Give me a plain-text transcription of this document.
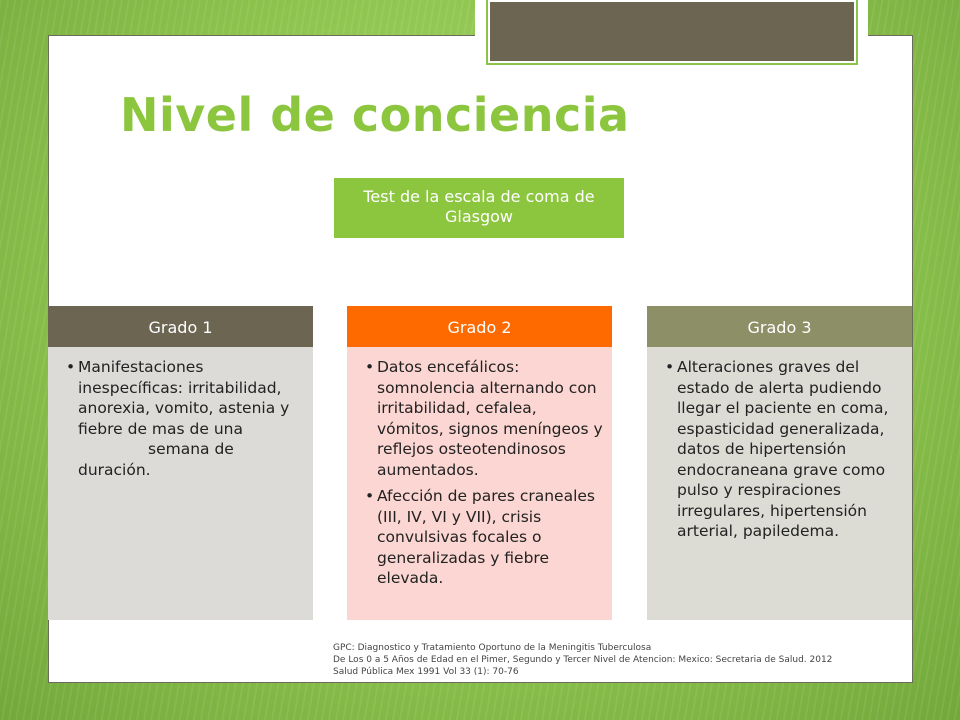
Nivel de conciencia
Test de la escala de coma de Glasgow
Grado 1
• Manifestaciones inespecíficas: irritabilidad, anorexia, vomito, astenia y fiebre de mas de una
semana de
duración.
Grado 2
• Datos encefálicos: somnolencia alternando con irritabilidad, cefalea, vómitos, signos meníngeos y reflejos osteotendinosos aumentados.
• Afección de pares craneales (III, IV, VI y VII), crisis convulsivas focales o generalizadas y fiebre elevada.
Grado 3
• Alteraciones graves del estado de alerta pudiendo llegar el paciente en coma, espasticidad generalizada, datos de hipertensión endocraneana grave como pulso y respiraciones irregulares, hipertensión arterial, papiledema.
GPC: Diagnostico y Tratamiento Oportuno de la Meningitis Tuberculosa
De Los 0 a 5 Años de Edad en el Pimer, Segundo y Tercer Nivel de Atencion: Mexico: Secretaria de Salud. 2012
Salud Pública Mex 1991 Vol 33 (1): 70-76
